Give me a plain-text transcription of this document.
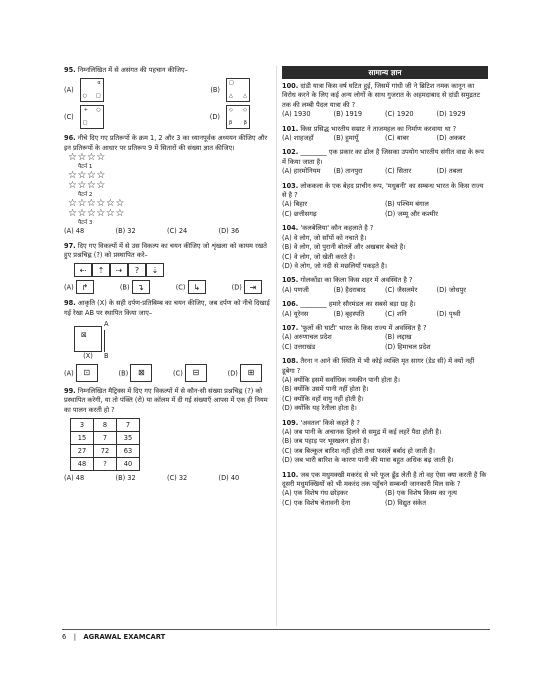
95. निम्नलिखित में से असंगत की पहचान कीजिए–
(A)
α
○ □
(B)
□
△ △
(C)
+ ○
□
(D)
◇ ◇
β β
96. नीचे दिए गए प्रतिरूपों के क्रम 1, 2 और 3 का ध्यानपूर्वक अध्ययन कीजिए और इन प्रतिरूपों के आधार पर प्रतिरूप 9 में सितारों की संख्या ज्ञात कीजिए।
☆☆☆☆
पैटर्न 1
☆☆☆☆
☆☆☆☆
पैटर्न 2
☆☆☆☆☆☆
☆☆☆☆☆☆
पैटर्न 3
(A) 48	(B) 32	(C) 24	(D) 36
97. दिए गए विकल्पों में से उस विकल्प का चयन कीजिए जो शृंखला को कायम रखते हुए प्रश्नचिह्न (?) को प्रस्थापित करे–
⇠	⇡	⇢	?	⇣
(A) ↱	(B) ↴	(C) ↳	(D) ⇥
98. आकृति (X) के सही दर्पण-प्रतिबिम्ब का चयन कीजिए, जब दर्पण को नीचे दिखाई गई रेखा AB पर स्थापित किया जाए–
⊠
(X)
A
B
(A) ⊡	(B) ⊠	(C) ⊟	(D) ⊞
99. निम्नलिखित मैट्रिक्स में दिए गए विकल्पों में से कौन-सी संख्या प्रश्नचिह्न (?) को प्रस्थापित करेगी, या तो पंक्ति (रो) या कॉलम में दी गई संख्याएँ आपस में एक ही नियम का पालन करती हो ?
3	8	7
15	7	35
27	72	63
48	?	40
(A) 48	(B) 32	(C) 32	(D) 40
सामान्य ज्ञान
100. दांडी यात्रा किस वर्ष घटित हुई, जिसमें गांधी जी ने ब्रिटिश नमक कानून का विरोध करने के लिए कई अन्य लोगों के साथ गुजरात के अहमदाबाद से दांडी समुद्रतट तक की लम्बी पैदल यात्रा की ?
(A) 1930	(B) 1919	(C) 1920	(D) 1929
101. किस प्रसिद्ध भारतीय सम्राट ने ताजमहल का निर्माण करवाया था ?
(A) शाहजहाँ	(B) हुमायूँ	(C) बाबर	(D) अकबर
102. ________ एक प्रकार का ढोल है जिसका उपयोग भारतीय संगीत वाद्य के रूप में किया जाता है।
(A) हारमोनियम	(B) तानपुरा	(C) सितार	(D) तबला
103. लोककला के एक बेहद प्राचीन रूप, 'मधुबनी' का सम्बन्ध भारत के किस राज्य से है ?
(A) बिहार	(B) पश्चिम बंगाल
(C) छत्तीसगढ़	(D) जम्मू और कश्मीर
104. 'कलबेलिया' कौन कहलाते है ?
(A) वे लोग, जो साँपों को नचाते है।
(B) वे लोग, जो पुरानी बोतलें और अखबार बेचते है।
(C) वे लोग, जो खेती करते है।
(D) वे लोग, जो नदी से मछलियाँ पकड़ते है।
105. गोलकोंडा का किला किस शहर में अवस्थित है ?
(A) पणजी	(B) हैदराबाद	(C) जैसलमेर	(D) जोधपुर
106. ________ हमारे सौरमंडल का सबसे बड़ा ग्रह है।
(A) यूरेनस	(B) बृहस्पति	(C) शनि	(D) पृथ्वी
107. 'फूलों की घाटी' भारत के किस राज्य में अवस्थित है ?
(A) अरुणाचल प्रदेश	(B) लद्दाख
(C) उत्तराखंड	(D) हिमाचल प्रदेश
108. तैरना न आने की स्थिति में भी कोई व्यक्ति मृत सागर (डेड सी) में क्यों नहीं डूबेगा ?
(A) क्योंकि इसमें सर्वाधिक नमकीन पानी होता है।
(B) क्योंकि उसमें पानी नहीं होता है।
(C) क्योंकि वहाँ वायु नहीं होती है।
(D) क्योंकि यह रेतीला होता है।
109. 'अवतल' किसे कहते है ?
(A) जब पानी के अचानक हिलने से समुद्र में कई लहरें पैदा होती है।
(B) जब पहाड़ पर भूस्खलन होता है।
(C) जब बिल्कुल बारिश नहीं होती तथा फसलें बर्बाद हो जाती है।
(D) जब भारी बारिश के कारण पानी की मात्रा बहुत अधिक बढ़ जाती है।
110. जब एक मधुमक्खी मकरंद से भरे फूल ढूँढ लेती है तो वह ऐसा क्या करती है कि दूसरी मधुमक्खियों को भी मकरंद तक पहुँचने सम्बन्धी जानकारी मिल सके ?
(A) एक विशेष गंध छोड़कर	(B) एक विशेष किस्म का नृत्य
(C) एक विशेष चेतावनी देना	(D) विद्युत संकेत
6 | AGRAWAL EXAMCART
